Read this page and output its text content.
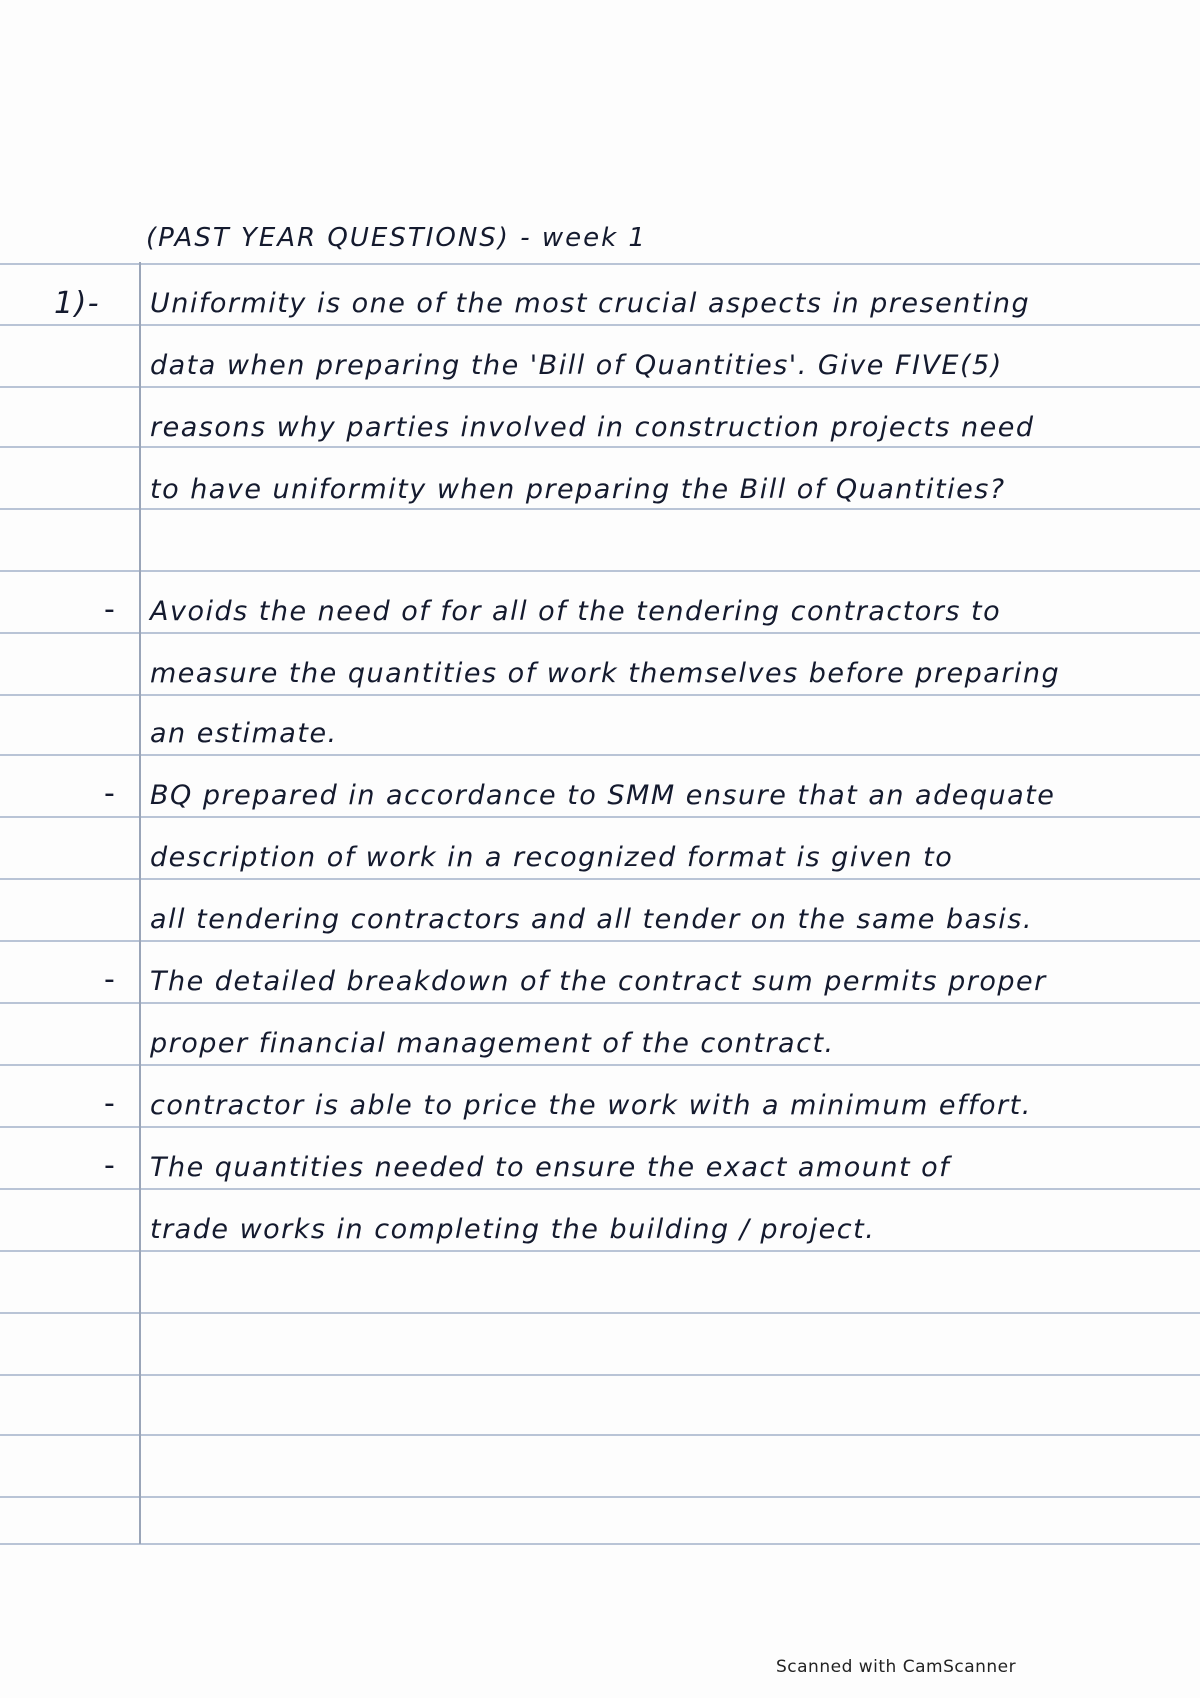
(PAST YEAR QUESTIONS) - week 1
1)- Uniformity is one of the most crucial aspects in presenting
data when preparing the 'Bill of Quantities'. Give FIVE(5)
reasons why parties involved in construction projects need
to have uniformity when preparing the Bill of Quantities?
- Avoids the need of for all of the tendering contractors to
measure the quantities of work themselves before preparing
an estimate.
- BQ prepared in accordance to SMM ensure that an adequate
description of work in a recognized format is given to
all tendering contractors and all tender on the same basis.
- The detailed breakdown of the contract sum permits proper
proper financial management of the contract.
- contractor is able to price the work with a minimum effort.
- The quantities needed to ensure the exact amount of
trade works in completing the building / project.
Scanned with CamScanner
